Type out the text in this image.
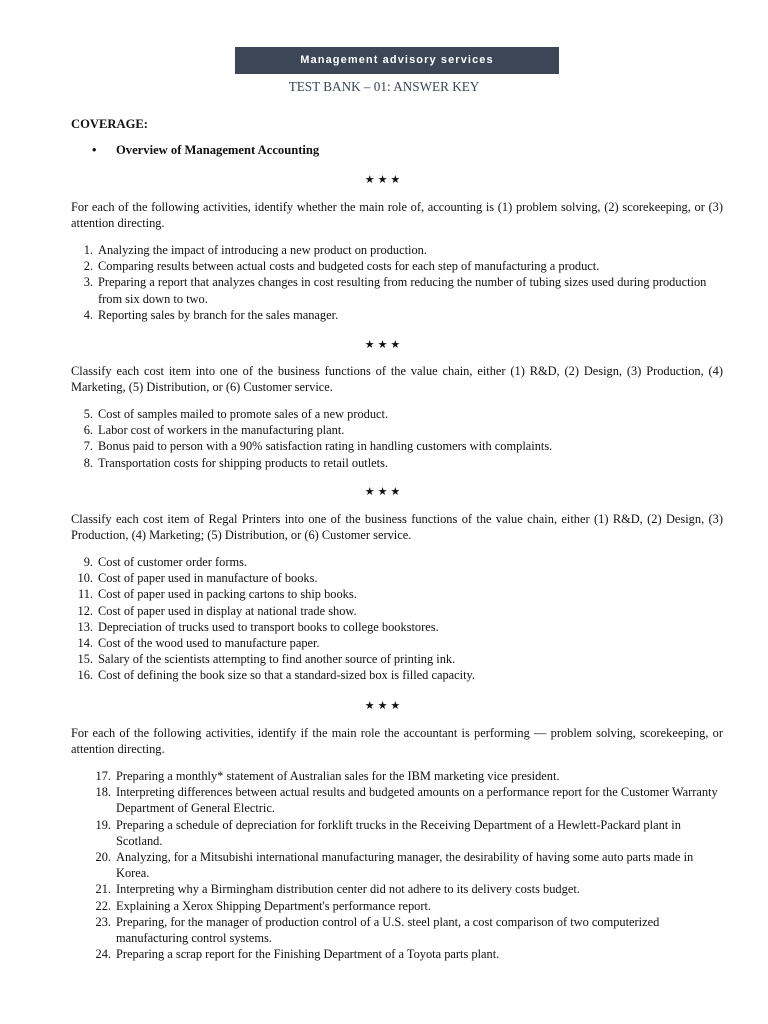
Management advisory services
TEST BANK – 01: ANSWER KEY
COVERAGE:
• Overview of Management Accounting
★★★
For each of the following activities, identify whether the main role of, accounting is (1) problem solving, (2) scorekeeping, or (3) attention directing.
1. Analyzing the impact of introducing a new product on production.
2. Comparing results between actual costs and budgeted costs for each step of manufacturing a product.
3. Preparing a report that analyzes changes in cost resulting from reducing the number of tubing sizes used during production from six down to two.
4. Reporting sales by branch for the sales manager.
★★★
Classify each cost item into one of the business functions of the value chain, either (1) R&D, (2) Design, (3) Production, (4) Marketing, (5) Distribution, or (6) Customer service.
5. Cost of samples mailed to promote sales of a new product.
6. Labor cost of workers in the manufacturing plant.
7. Bonus paid to person with a 90% satisfaction rating in handling customers with complaints.
8. Transportation costs for shipping products to retail outlets.
★★★
Classify each cost item of Regal Printers into one of the business functions of the value chain, either (1) R&D, (2) Design, (3) Production, (4) Marketing; (5) Distribution, or (6) Customer service.
9. Cost of customer order forms.
10. Cost of paper used in manufacture of books.
11. Cost of paper used in packing cartons to ship books.
12. Cost of paper used in display at national trade show.
13. Depreciation of trucks used to transport books to college bookstores.
14. Cost of the wood used to manufacture paper.
15. Salary of the scientists attempting to find another source of printing ink.
16. Cost of defining the book size so that a standard-sized box is filled capacity.
★★★
For each of the following activities, identify if the main role the accountant is performing — problem solving, scorekeeping, or attention directing.
17. Preparing a monthly* statement of Australian sales for the IBM marketing vice president.
18. Interpreting differences between actual results and budgeted amounts on a performance report for the Customer Warranty Department of General Electric.
19. Preparing a schedule of depreciation for forklift trucks in the Receiving Department of a Hewlett-Packard plant in Scotland.
20. Analyzing, for a Mitsubishi international manufacturing manager, the desirability of having some auto parts made in Korea.
21. Interpreting why a Birmingham distribution center did not adhere to its delivery costs budget.
22. Explaining a Xerox Shipping Department's performance report.
23. Preparing, for the manager of production control of a U.S. steel plant, a cost comparison of two computerized manufacturing control systems.
24. Preparing a scrap report for the Finishing Department of a Toyota parts plant.
